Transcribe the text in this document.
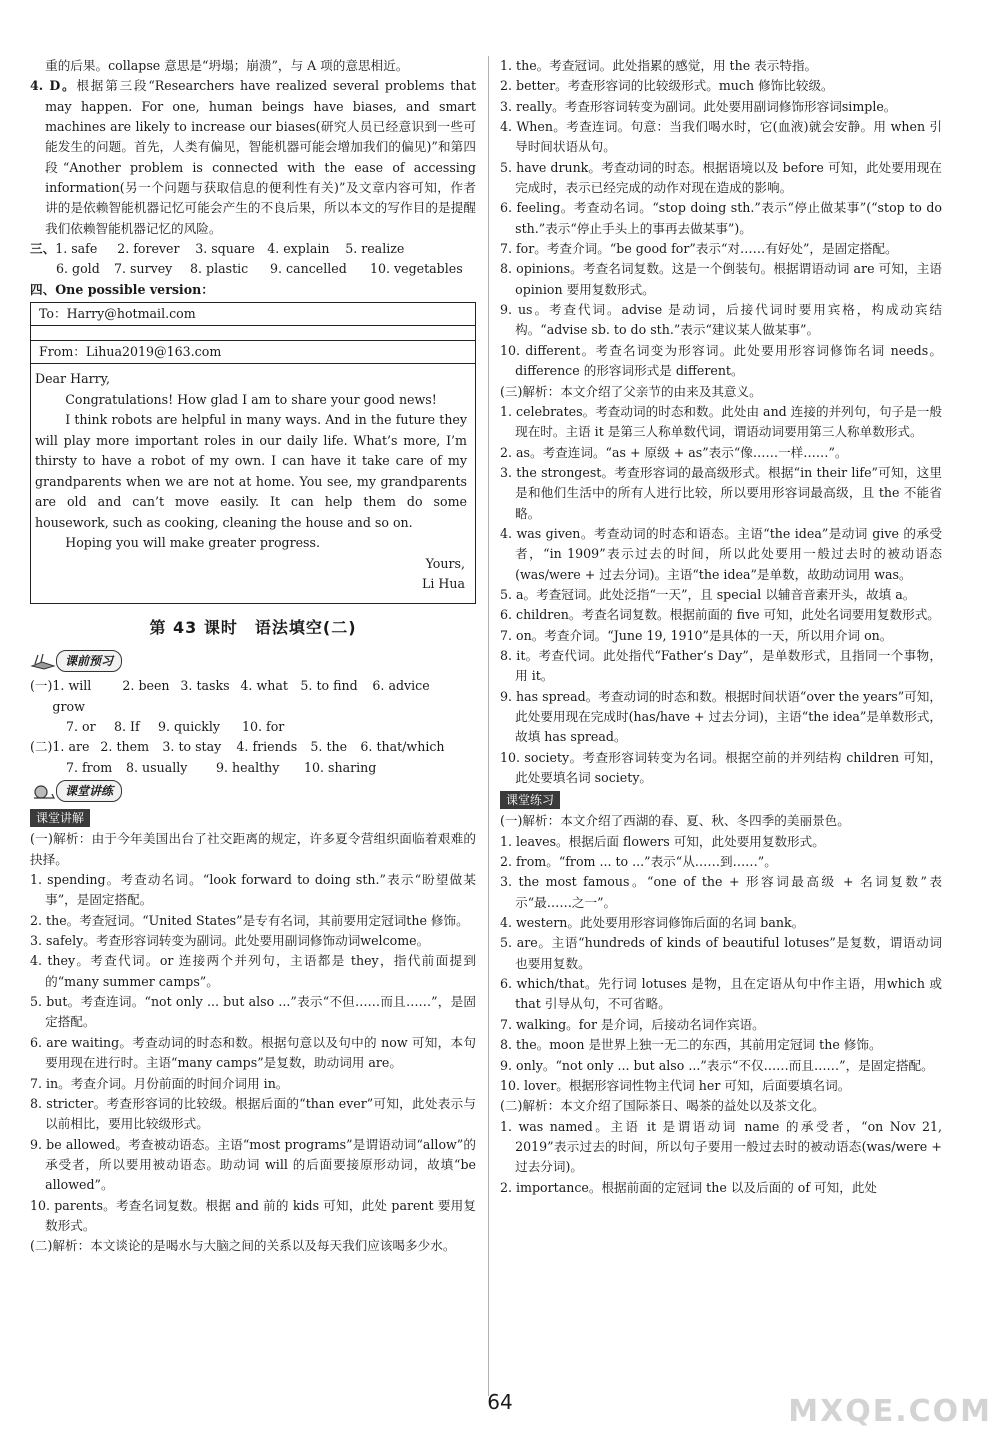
重的后果。collapse 意思是“坍塌；崩溃”，与 A 项的意思相近。

4. D。根据第三段“Researchers have realized several problems that may happen. For one, human beings have biases, and smart machines are likely to increase our biases(研究人员已经意识到一些可能发生的问题。首先，人类有偏见，智能机器可能会增加我们的偏见)”和第四段“Another problem is connected with the ease of accessing information(另一个问题与获取信息的便利性有关)”及文章内容可知，作者讲的是依赖智能机器记忆可能会产生的不良后果，所以本文的写作目的是提醒我们依赖智能机器记忆的风险。

三、 1. safe	2. forever	3. square 4. explain	5. realize
6. gold	7. survey	8. plastic	9. cancelled	10. vegetables
四、One possible version：
To：Harry@hotmail.com
From：Lihua2019@163.com
Dear Harry,
Congratulations! How glad I am to share your good news!
I think robots are helpful in many ways. And in the future they will play more important roles in our daily life. What’s more, I’m thirsty to have a robot of my own. I can have it take care of my grandparents when we are not at home. You see, my grandparents are old and can’t move easily. It can help them do some housework, such as cooking, cleaning the house and so on.
Hoping you will make greater progress.
Yours,
Li Hua
第 43 课时　语法填空(二)
课前预习
(一) 1. will grow
2. been 3. tasks 4. what 5. to find	6. advice
7. or	8. If	9. quickly	10. for
(二) 1. are 2. them	3. to stay	4. friends	5. the	6. that/which
7. from	8. usually	9. healthy	10. sharing
课堂讲练
课堂讲解

(一)解析：由于今年美国出台了社交距离的规定，许多夏令营组织面临着艰难的抉择。

1. spending。考查动名词。“look forward to doing sth.”表示“盼望做某事”，是固定搭配。

2. the。考查冠词。“United States”是专有名词，其前要用定冠词the 修饰。

3. safely。考查形容词转变为副词。此处要用副词修饰动词welcome。

4. they。考查代词。or 连接两个并列句，主语都是 they，指代前面提到的“many summer camps”。

5. but。考查连词。“not only ... but also ...”表示“不但……而且……”，是固定搭配。

6. are waiting。考查动词的时态和数。根据句意以及句中的 now 可知，本句要用现在进行时。主语“many camps”是复数，助动词用 are。

7. in。考查介词。月份前面的时间介词用 in。

8. stricter。考查形容词的比较级。根据后面的“than ever”可知，此处表示与以前相比，要用比较级形式。

9. be allowed。考查被动语态。主语“most programs”是谓语动词“allow”的承受者，所以要用被动语态。助动词 will 的后面要接原形动词，故填“be allowed”。

10. parents。考查名词复数。根据 and 前的 kids 可知，此处 parent 要用复数形式。

(二)解析：本文谈论的是喝水与大脑之间的关系以及每天我们应该喝多少水。

1. the。考查冠词。此处指累的感觉，用 the 表示特指。

2. better。考查形容词的比较级形式。much 修饰比较级。

3. really。考查形容词转变为副词。此处要用副词修饰形容词simple。

4. When。考查连词。句意：当我们喝水时，它(血液)就会安静。用 when 引导时间状语从句。

5. have drunk。考查动词的时态。根据语境以及 before 可知，此处要用现在完成时，表示已经完成的动作对现在造成的影响。

6. feeling。考查动名词。“stop doing sth.”表示“停止做某事”(“stop to do sth.”表示“停止手头上的事再去做某事”)。

7. for。考查介词。“be good for”表示“对……有好处”，是固定搭配。

8. opinions。考查名词复数。这是一个倒装句。根据谓语动词 are 可知，主语 opinion 要用复数形式。

9. us。考查代词。advise 是动词，后接代词时要用宾格，构成动宾结构。“advise sb. to do sth.”表示“建议某人做某事”。

10. different。考查名词变为形容词。此处要用形容词修饰名词 needs。difference 的形容词形式是 different。

(三)解析：本文介绍了父亲节的由来及其意义。

1. celebrates。考查动词的时态和数。此处由 and 连接的并列句，句子是一般现在时。主语 it 是第三人称单数代词，谓语动词要用第三人称单数形式。

2. as。考查连词。“as + 原级 + as”表示“像……一样……”。

3. the strongest。考查形容词的最高级形式。根据“in their life”可知，这里是和他们生活中的所有人进行比较，所以要用形容词最高级，且 the 不能省略。

4. was given。考查动词的时态和语态。主语“the idea”是动词 give 的承受者，“in 1909”表示过去的时间，所以此处要用一般过去时的被动语态(was/were + 过去分词)。主语“the idea”是单数，故助动词用 was。

5. a。考查冠词。此处泛指“一天”，且 special 以辅音音素开头，故填 a。

6. children。考查名词复数。根据前面的 five 可知，此处名词要用复数形式。

7. on。考查介词。“June 19, 1910”是具体的一天，所以用介词 on。

8. it。考查代词。此处指代“Father’s Day”，是单数形式，且指同一个事物，用 it。

9. has spread。考查动词的时态和数。根据时间状语“over the years”可知，此处要用现在完成时(has/have + 过去分词)，主语“the idea”是单数形式，故填 has spread。

10. society。考查形容词转变为名词。根据空前的并列结构 children 可知，此处要填名词 society。

课堂练习

(一)解析：本文介绍了西湖的春、夏、秋、冬四季的美丽景色。

1. leaves。根据后面 flowers 可知，此处要用复数形式。

2. from。“from ... to ...”表示“从……到……”。

3. the most famous。“one of the + 形容词最高级 + 名词复数”表示“最……之一”。

4. western。此处要用形容词修饰后面的名词 bank。

5. are。主语“hundreds of kinds of beautiful lotuses”是复数，谓语动词也要用复数。

6. which/that。先行词 lotuses 是物，且在定语从句中作主语，用which 或 that 引导从句，不可省略。

7. walking。for 是介词，后接动名词作宾语。

8. the。moon 是世界上独一无二的东西，其前用定冠词 the 修饰。

9. only。“not only ... but also ...”表示“不仅……而且……”，是固定搭配。

10. lover。根据形容词性物主代词 her 可知，后面要填名词。

(二)解析：本文介绍了国际茶日、喝茶的益处以及茶文化。

1. was named。主语 it 是谓语动词 name 的承受者，“on Nov 21, 2019”表示过去的时间，所以句子要用一般过去时的被动语态(was/were + 过去分词)。

2. importance。根据前面的定冠词 the 以及后面的 of 可知，此处

64	MXQE.COM
